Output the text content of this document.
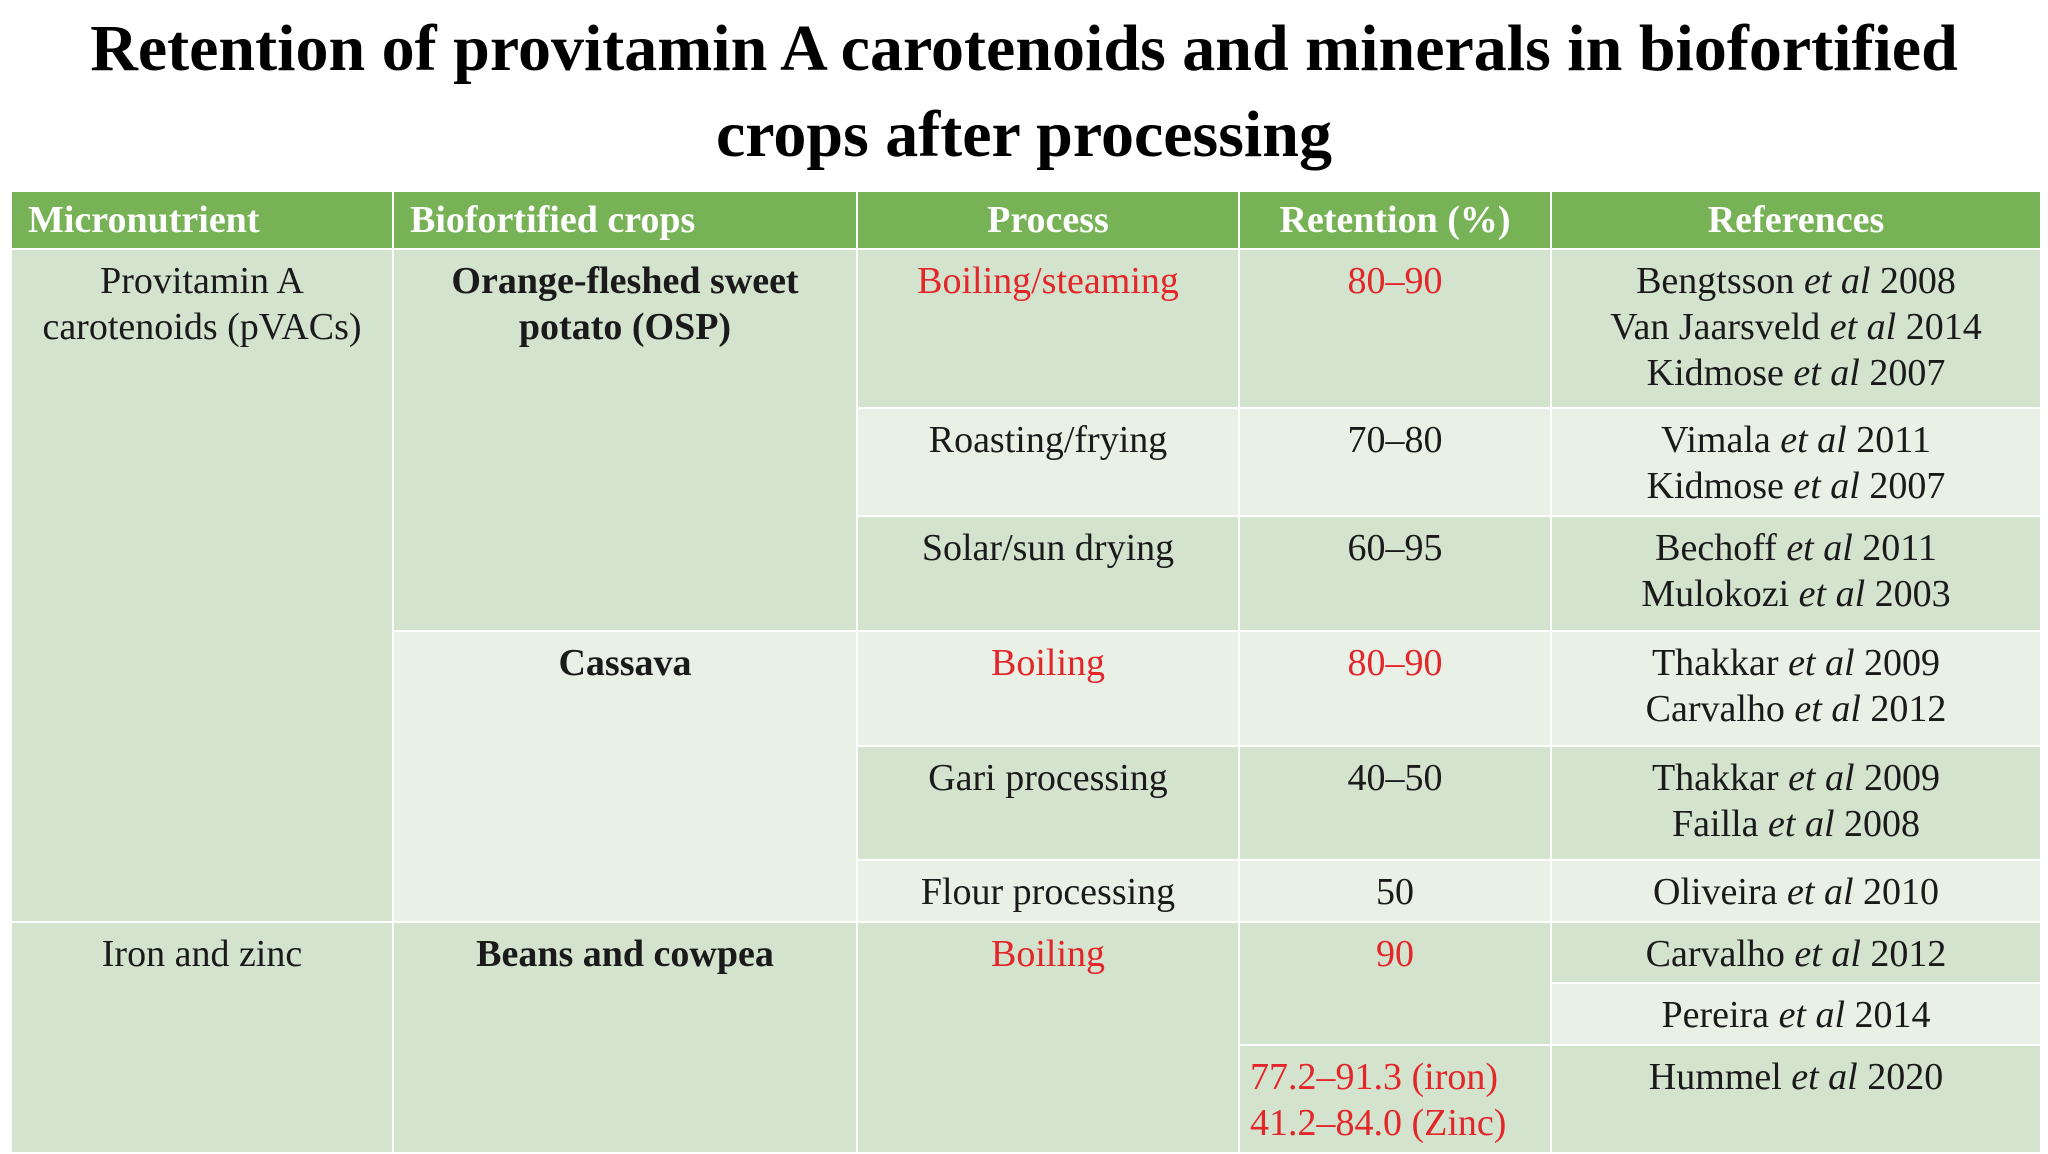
Retention of provitamin A carotenoids and minerals in biofortified
crops after processing
Micronutrient	Biofortified crops	Process	Retention (%)	References

Provitamin A
carotenoids (pVACs)	Orange-fleshed sweet
potato (OSP)	Boiling/steaming	80–90	Bengtsson et al 2008
Van Jaarsveld et al 2014
Kidmose et al 2007

		Roasting/frying	70–80	Vimala et al 2011
Kidmose et al 2007

		Solar/sun drying	60–95	Bechoff et al 2011
Mulokozi et al 2003

	Cassava	Boiling	80–90	Thakkar et al 2009
Carvalho et al 2012

		Gari processing	40–50	Thakkar et al 2009
Failla et al 2008

		Flour processing	50	Oliveira et al 2010

Iron and zinc	Beans and cowpea	Boiling	90	Carvalho et al 2012

				Pereira et al 2014

			77.2–91.3 (iron)
41.2–84.0 (Zinc)	Hummel et al 2020
